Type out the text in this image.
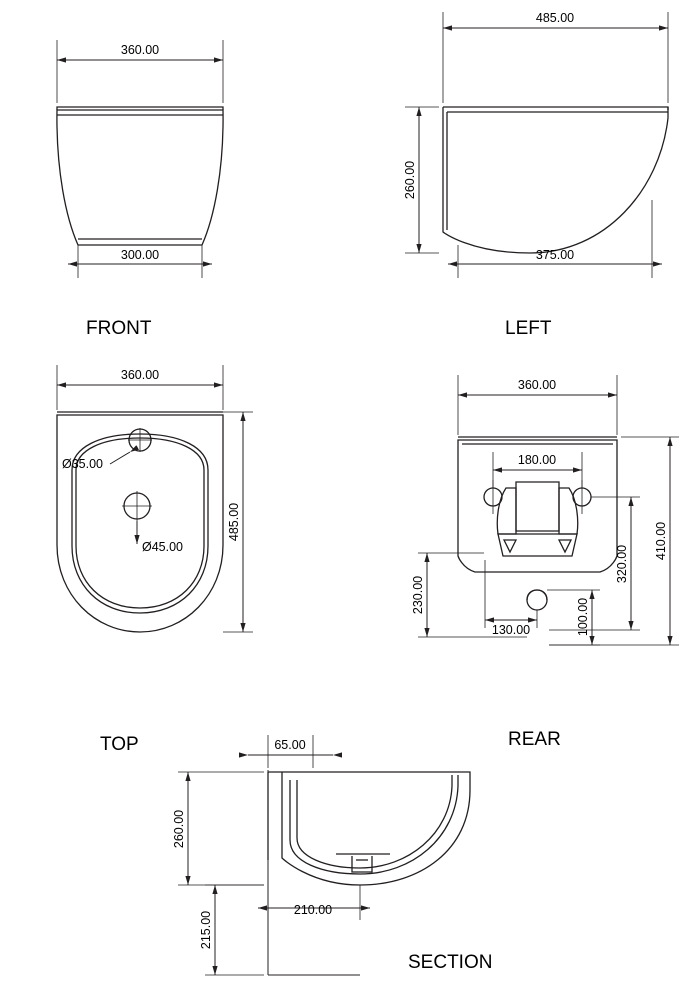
360.00
300.00
FRONT
485.00
260.00
375.00
LEFT
360.00
485.00
Ø35.00
Ø45.00
TOP
360.00
180.00
410.00
320.00
230.00
100.00
130.00
REAR
65.00
260.00
215.00
210.00
SECTION
